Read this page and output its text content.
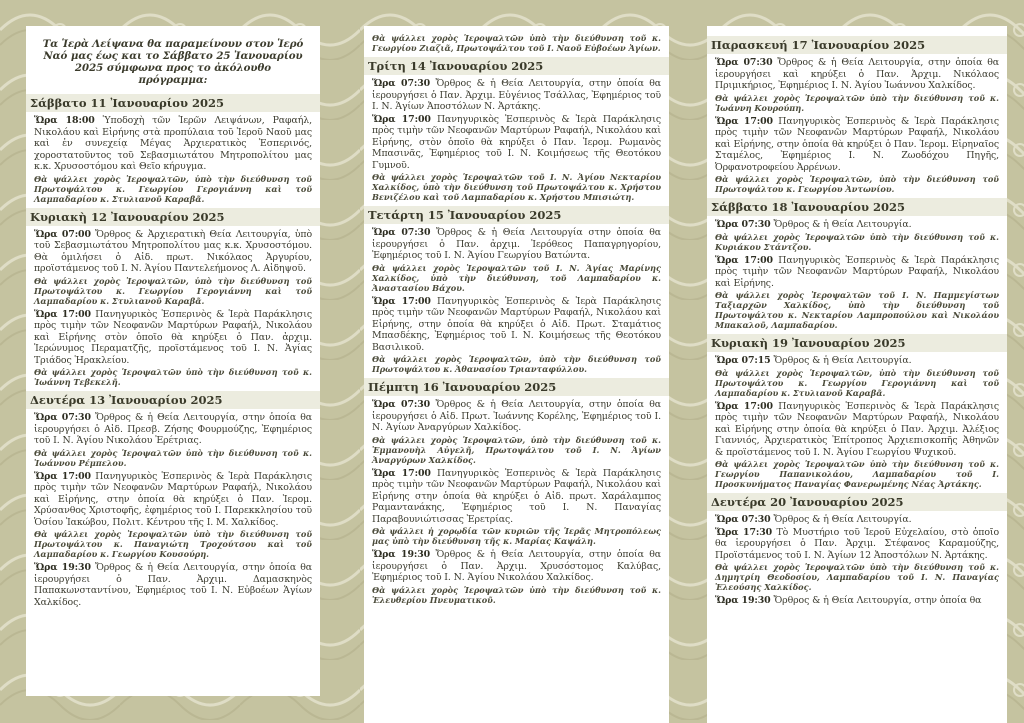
Τα Ἱερὰ Λείψανα θα παραμείνουν στον Ἱερό Ναό μας έως και το Σάββατο 25 Ἰανουαρίου 2025 σύμφωνα προς το ἀκόλουθο πρόγραμμα:
Σάββατο 11 Ἰανουαρίου 2025

Ὥρα 18:00 Ὑποδοχὴ τῶν Ἱερῶν Λειψάνων, Ραφαήλ, Νικολάου καὶ Εἰρήνης στὰ προπύλαια τοῦ Ἱεροῦ Ναοῦ μας καὶ ἐν συνεχείᾳ Μέγας Ἀρχιερατικὸς Ἑσπερινός, χοροστατοῦντος τοῦ Σεβασμιωτάτου Μητροπολίτου μας κ.κ. Χρυσοστόμου καὶ Θεῖο κήρυγμα.

Θὰ ψάλλει χορὸς Ἱεροψαλτῶν, ὑπὸ τὴν διεύθυνση τοῦ Πρωτοψάλτου κ. Γεωργίου Γερογιάννη καὶ τοῦ Λαμπαδαρίου κ. Στυλιανοῦ Καραβᾶ.

Κυριακὴ 12 Ἰανουαρίου 2025

Ὥρα 07:00 Ὄρθρος & Ἀρχιερατικὴ Θεία Λειτουργία, ὑπὸ τοῦ Σεβασμιωτάτου Μητροπολίτου μας κ.κ. Χρυσοστόμου. Θὰ ὁμιλήσει ὁ Αἰδ. πρωτ. Νικόλαος Ἀργυρίου, προϊστάμενος τοῦ Ι. Ν. Ἁγίου Παντελεήμονος Λ. Αἰδηψοῦ.

Θὰ ψάλλει χορὸς Ἱεροψαλτῶν, ὑπὸ τὴν διεύθυνση τοῦ Πρωτοψάλτου κ. Γεωργίου Γερογιάννη καὶ τοῦ Λαμπαδαρίου κ. Στυλιανοῦ Καραβᾶ.

Ὥρα 17:00 Πανηγυρικὸς Ἑσπερινὸς & Ἱερὰ Παράκλησις πρὸς τιμὴν τῶν Νεοφανῶν Μαρτύρων Ραφαήλ, Νικολάου καὶ Εἰρήνης στὸν ὁποῖο θὰ κηρύξει ὁ Παν. ἀρχιμ. Ἱερώνυμος Περαματζῆς, προϊστάμενος τοῦ Ι. Ν. Ἁγίας Τριάδος Ἡρακλείου.

Θὰ ψάλλει χορὸς Ἱεροψαλτῶν ὑπὸ τὴν διεύθυνση τοῦ κ. Ἰωάννη Τεβεκελῆ.

Δευτέρα 13 Ἰανουαρίου 2025

Ὥρα 07:30 Ὄρθρος & ἡ Θεία Λειτουργία, στην ὁποία θα ἱερουργήσει ὁ Αἰδ. Πρεσβ. Ζήσης Φουρμούζης, Ἐφημέριος τοῦ Ι. Ν. Ἁγίου Νικολάου Ἐρέτριας.

Θὰ ψάλλει χορὸς Ἱεροψαλτῶν ὑπὸ τὴν διεύθυνση τοῦ κ. Ἰωάννου Ρέμπελου.

Ὥρα 17:00 Πανηγυρικὸς Ἑσπερινὸς & Ἱερὰ Παράκλησις πρὸς τιμὴν τῶν Νεοφανῶν Μαρτύρων Ραφαήλ, Νικολάου καὶ Εἰρήνης, στην ὁποία θὰ κηρύξει ὁ Παν. Ἱερομ. Χρύσανθος Χριστοφῆς, ἐφημέριος τοῦ Ι. Παρεκκλησίου τοῦ Ὁσίου Ἰακώβου, Πολιτ. Κέντρου τῆς Ι. Μ. Χαλκίδος.

Θὰ ψάλλει χορὸς Ἱεροψαλτῶν ὑπὸ τὴν διεύθυνση τοῦ Πρωτοψάλτου κ. Παναγιώτη Τροχούτσου καὶ τοῦ Λαμπαδαρίου κ. Γεωργίου Κουσούρη.

Ὥρα 19:30 Ὄρθρος & ἡ Θεία Λειτουργία, στην ὁποία θα ἱερουργήσει ὁ Παν. Ἀρχιμ. Δαμασκηνὸς Παπακωνσταντίνου, Ἐφημέριος τοῦ Ι. Ν. Εὐβοέων Ἁγίων Χαλκίδος.

Θὰ ψάλλει χορὸς Ἱεροψαλτῶν ὑπὸ τὴν διεύθυνση τοῦ κ. Γεωργίου Ζιαζιᾶ, Πρωτοψάλτου τοῦ Ι. Ναοῦ Εὐβοέων Ἁγίων.

Τρίτη 14 Ἰανουαρίου 2025

Ὥρα 07:30 Ὄρθρος & ἡ Θεία Λειτουργία, στην ὁποία θα ἱερουργήσει ὁ Παν. Ἀρχιμ. Εὐγένιος Τσάλλας, Ἐφημέριος τοῦ Ι. Ν. Ἁγίων Ἀποστόλων Ν. Ἀρτάκης.

Ὥρα 17:00 Πανηγυρικὸς Ἑσπερινὸς & Ἱερὰ Παράκλησις πρὸς τιμὴν τῶν Νεοφανῶν Μαρτύρων Ραφαήλ, Νικολάου καὶ Εἰρήνης, στὸν ὁποῖο θὰ κηρύξει ὁ Παν. Ἱερομ. Ρωμανὸς Μπασινᾶς, Ἐφημέριος τοῦ Ι. Ν. Κοιμήσεως τῆς Θεοτόκου Γυμνοῦ.

Θὰ ψάλλει χορὸς Ἱεροψαλτῶν τοῦ Ι. Ν. Ἁγίου Νεκταρίου Χαλκίδος, ὑπὸ τὴν διεύθυνση τοῦ Πρωτοψάλτου κ. Χρήστου Βενιζέλου καὶ τοῦ Λαμπαδαρίου κ. Χρήστου Μπισιώτη.

Τετάρτη 15 Ἰανουαρίου 2025

Ὥρα 07:30 Ὄρθρος & ἡ Θεία Λειτουργία στην ὁποία θα ἱερουργήσει ὁ Παν. ἀρχιμ. Ἰερόθεος Παπαγρηγορίου, Ἐφημέριος τοῦ Ι. Ν. Ἁγίου Γεωργίου Βατώντα.

Θὰ ψάλλει χορὸς Ἱεροψαλτῶν τοῦ Ι. Ν. Ἁγίας Μαρίνης Χαλκίδος, ὑπὸ τὴν διεύθυνση, τοῦ Λαμπαδαρίου κ. Ἀναστασίου Βάχου.

Ὥρα 17:00 Πανηγυρικὸς Ἑσπερινὸς & Ἱερὰ Παράκλησις πρὸς τιμὴν τῶν Νεοφανῶν Μαρτύρων Ραφαήλ, Νικολάου καὶ Εἰρήνης, στην ὁποία θὰ κηρύξει ὁ Αἰδ. Πρωτ. Σταμάτιος Μπασδέκης, Ἐφημέριος τοῦ Ι. Ν. Κοιμήσεως τῆς Θεοτόκου Βασιλικοῦ.

Θὰ ψάλλει χορὸς Ἱεροψαλτῶν, ὑπὸ τὴν διεύθυνση τοῦ Πρωτοψάλτου κ. Ἀθανασίου Τριανταφύλλου.

Πέμπτη 16 Ἰανουαρίου 2025

Ὥρα 07:30 Ὄρθρος & ἡ Θεία Λειτουργία, στην ὁποία θα ἱερουργήσει ὁ Αἰδ. Πρωτ. Ἰωάννης Κορέλης, Ἐφημέριος τοῦ Ι. Ν. Ἁγίων Ἀναργύρων Χαλκίδος.

Θὰ ψάλλει χορὸς Ἱεροψαλτῶν, ὑπὸ τὴν διεύθυνση τοῦ κ. Ἐμμανουὴλ Αὐγελῆ, Πρωτοψάλτου τοῦ Ι. Ν. Ἁγίων Ἀναργύρων Χαλκίδος.

Ὥρα 17:00 Πανηγυρικὸς Ἑσπερινὸς & Ἱερὰ Παράκλησις πρὸς τιμὴν τῶν Νεοφανῶν Μαρτύρων Ραφαήλ, Νικολάου καὶ Εἰρήνης στην ὁποία θὰ κηρύξει ὁ Αἰδ. πρωτ. Χαράλαμπος Ραμαντανάκης, Ἐφημέριος τοῦ Ι. Ν. Παναγίας Παραβουνιώτισσας Ἐρετρίας.

Θὰ ψάλλει ἡ χορῳδία τῶν κυριῶν τῆς Ἱερᾶς Μητροπόλεως μας ὑπὸ τὴν διεύθυνση τῆς κ. Μαρίας Καψάλη.

Ὥρα 19:30 Ὄρθρος & ἡ Θεία Λειτουργία, στην ὁποία θα ἱερουργήσει ὁ Παν. Ἀρχιμ. Χρυσόστομος Καλύβας, Ἐφημέριος τοῦ Ι. Ν. Ἁγίου Νικολάου Χαλκίδος.

Θὰ ψάλλει χορὸς Ἱεροψαλτῶν ὑπὸ τὴν διεύθυνση τοῦ κ. Ἐλευθερίου Πνευματικοῦ.

Παρασκευή 17 Ἰανουαρίου 2025

Ὥρα 07:30 Ὄρθρος & ἡ Θεία Λειτουργία, στην ὁποία θα ἱερουργήσει καὶ κηρύξει ὁ Παν. Ἀρχιμ. Νικόλαος Πριμικήριος, Ἐφημέριος Ι. Ν. Ἁγίου Ἰωάννου Χαλκίδος.

Θὰ ψάλλει χορὸς Ἱεροψαλτῶν ὑπὸ τὴν διεύθυνση τοῦ κ. Ἰωάννη Κουρούπη.

Ὥρα 17:00 Πανηγυρικὸς Ἑσπερινὸς & Ἱερὰ Παράκλησις πρὸς τιμὴν τῶν Νεοφανῶν Μαρτύρων Ραφαήλ, Νικολάου καὶ Εἰρήνης, στην ὁποία θὰ κηρύξει ὁ Παν. Ἱερομ. Εἰρηναῖος Σταμέλος, Ἐφημέριος Ι. Ν. Ζωοδόχου Πηγῆς, Ὀρφανοτροφείου Ἀρρένων.

Θὰ ψάλλει χορὸς Ἱεροψαλτῶν, ὑπὸ τὴν διεύθυνση τοῦ Πρωτοψάλτου κ. Γεωργίου Ἀντωνίου.

Σάββατο 18 Ἰανουαρίου 2025

Ὥρα 07:30 Ὄρθρος & ἡ Θεία Λειτουργία.

Θὰ ψάλλει χορὸς Ἱεροψαλτῶν ὑπὸ τὴν διεύθυνση τοῦ κ. Κυριάκου Στάντζου.

Ὥρα 17:00 Πανηγυρικὸς Ἑσπερινὸς & Ἱερὰ Παράκλησις πρὸς τιμὴν τῶν Νεοφανῶν Μαρτύρων Ραφαήλ, Νικολάου καὶ Εἰρήνης.

Θὰ ψάλλει χορὸς Ἱεροψαλτῶν τοῦ Ι. Ν. Παμμεγίστων Ταξιαρχῶν Χαλκίδος, ὑπὸ τὴν διεύθυνση τοῦ Πρωτοψάλτου κ. Νεκταρίου Λαμπροπούλου καὶ Νικολάου Μπακαλοῦ, Λαμπαδαρίου.

Κυριακὴ 19 Ἰανουαρίου 2025

Ὥρα 07:15 Ὄρθρος & ἡ Θεία Λειτουργία.

Θὰ ψάλλει χορὸς Ἱεροψαλτῶν, ὑπὸ τὴν διεύθυνση τοῦ Πρωτοψάλτου κ. Γεωργίου Γερογιάννη καὶ τοῦ Λαμπαδαρίου κ. Στυλιανοῦ Καραβᾶ.

Ὥρα 17:00 Πανηγυρικὸς Ἑσπερινὸς & Ἱερὰ Παράκλησις πρὸς τιμὴν τῶν Νεοφανῶν Μαρτύρων Ραφαήλ, Νικολάου καὶ Εἰρήνης στην ὁποία θὰ κηρύξει ὁ Παν. Ἀρχιμ. Ἀλέξιος Γιαννιός, Ἀρχιερατικὸς Ἐπίτροπος Ἀρχιεπισκοπῆς Ἀθηνῶν & προϊστάμενος τοῦ Ι. Ν. Ἁγίου Γεωργίου Ψυχικοῦ.

Θὰ ψάλλει χορὸς Ἱεροψαλτῶν ὑπὸ τὴν διεύθυνση τοῦ κ. Γεωργίου Παπανικολάου, Λαμπαδαρίου τοῦ Ι. Προσκυνήματος Παναγίας Φανερωμένης Νέας Ἀρτάκης.

Δευτέρα 20 Ἰανουαρίου 2025

Ὥρα 07:30 Ὄρθρος & ἡ Θεία Λειτουργία.

Ὥρα 17:30 Τὸ Μυστήριο τοῦ Ἱεροῦ Εὐχελαίου, στὸ ὁποῖο θα ἱερουργήσει ὁ Παν. Ἀρχιμ. Στέφανος Καραμούζης, Προϊστάμενος τοῦ Ι. Ν. Ἁγίων 12 Ἀποστόλων Ν. Ἀρτάκης.

Θὰ ψάλλει χορὸς Ἱεροψαλτῶν ὑπὸ τὴν διεύθυνση τοῦ κ. Δημητρίη Θεοδοσίου, Λαμπαδαρίου τοῦ Ι. Ν. Παναγίας Ἐλεούσης Χαλκίδος.

Ὥρα 19:30 Ὄρθρος & ἡ Θεία Λειτουργία, στην ὁποία θα
